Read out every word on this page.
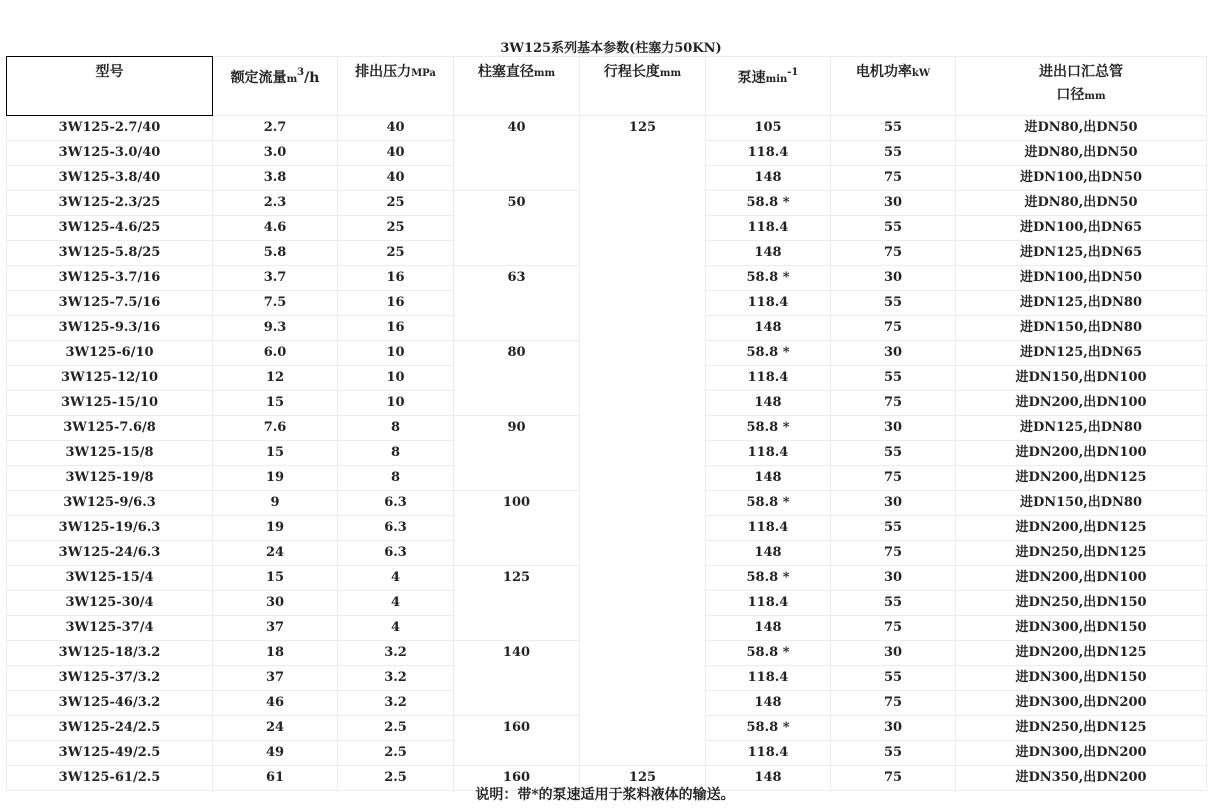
3W125系列基本参数(柱塞力50KN)
型号	额定流量$m^3/h$	排出压力MPa	柱塞直径mm	行程长度mm	泵速$\min^{-1}$	电机功率kW	进出口汇总管
口径mm

3W125-2.7/40	2.7	40	40	125	105	55	进DN80,出DN50
3W125-3.0/40	3.0	40			118.4	55	进DN80,出DN50
3W125-3.8/40	3.8	40			148	75	进DN100,出DN50
3W125-2.3/25	2.3	25	50		58.8 *	30	进DN80,出DN50
3W125-4.6/25	4.6	25			118.4	55	进DN100,出DN65
3W125-5.8/25	5.8	25			148	75	进DN125,出DN65
3W125-3.7/16	3.7	16	63		58.8 *	30	进DN100,出DN50
3W125-7.5/16	7.5	16			118.4	55	进DN125,出DN80
3W125-9.3/16	9.3	16			148	75	进DN150,出DN80
3W125-6/10	6.0	10	80		58.8 *	30	进DN125,出DN65
3W125-12/10	12	10			118.4	55	进DN150,出DN100
3W125-15/10	15	10			148	75	进DN200,出DN100
3W125-7.6/8	7.6	8	90		58.8 *	30	进DN125,出DN80
3W125-15/8	15	8			118.4	55	进DN200,出DN100
3W125-19/8	19	8			148	75	进DN200,出DN125
3W125-9/6.3	9	6.3	100		58.8 *	30	进DN150,出DN80
3W125-19/6.3	19	6.3			118.4	55	进DN200,出DN125
3W125-24/6.3	24	6.3			148	75	进DN250,出DN125
3W125-15/4	15	4	125		58.8 *	30	进DN200,出DN100
3W125-30/4	30	4			118.4	55	进DN250,出DN150
3W125-37/4	37	4			148	75	进DN300,出DN150
3W125-18/3.2	18	3.2	140		58.8 *	30	进DN200,出DN125
3W125-37/3.2	37	3.2			118.4	55	进DN300,出DN150
3W125-46/3.2	46	3.2			148	75	进DN300,出DN200
3W125-24/2.5	24	2.5	160		58.8 *	30	进DN250,出DN125
3W125-49/2.5	49	2.5			118.4	55	进DN300,出DN200
3W125-61/2.5	61	2.5	160	125	148	75	进DN350,出DN200
说明：带*的泵速适用于浆料液体的输送。
